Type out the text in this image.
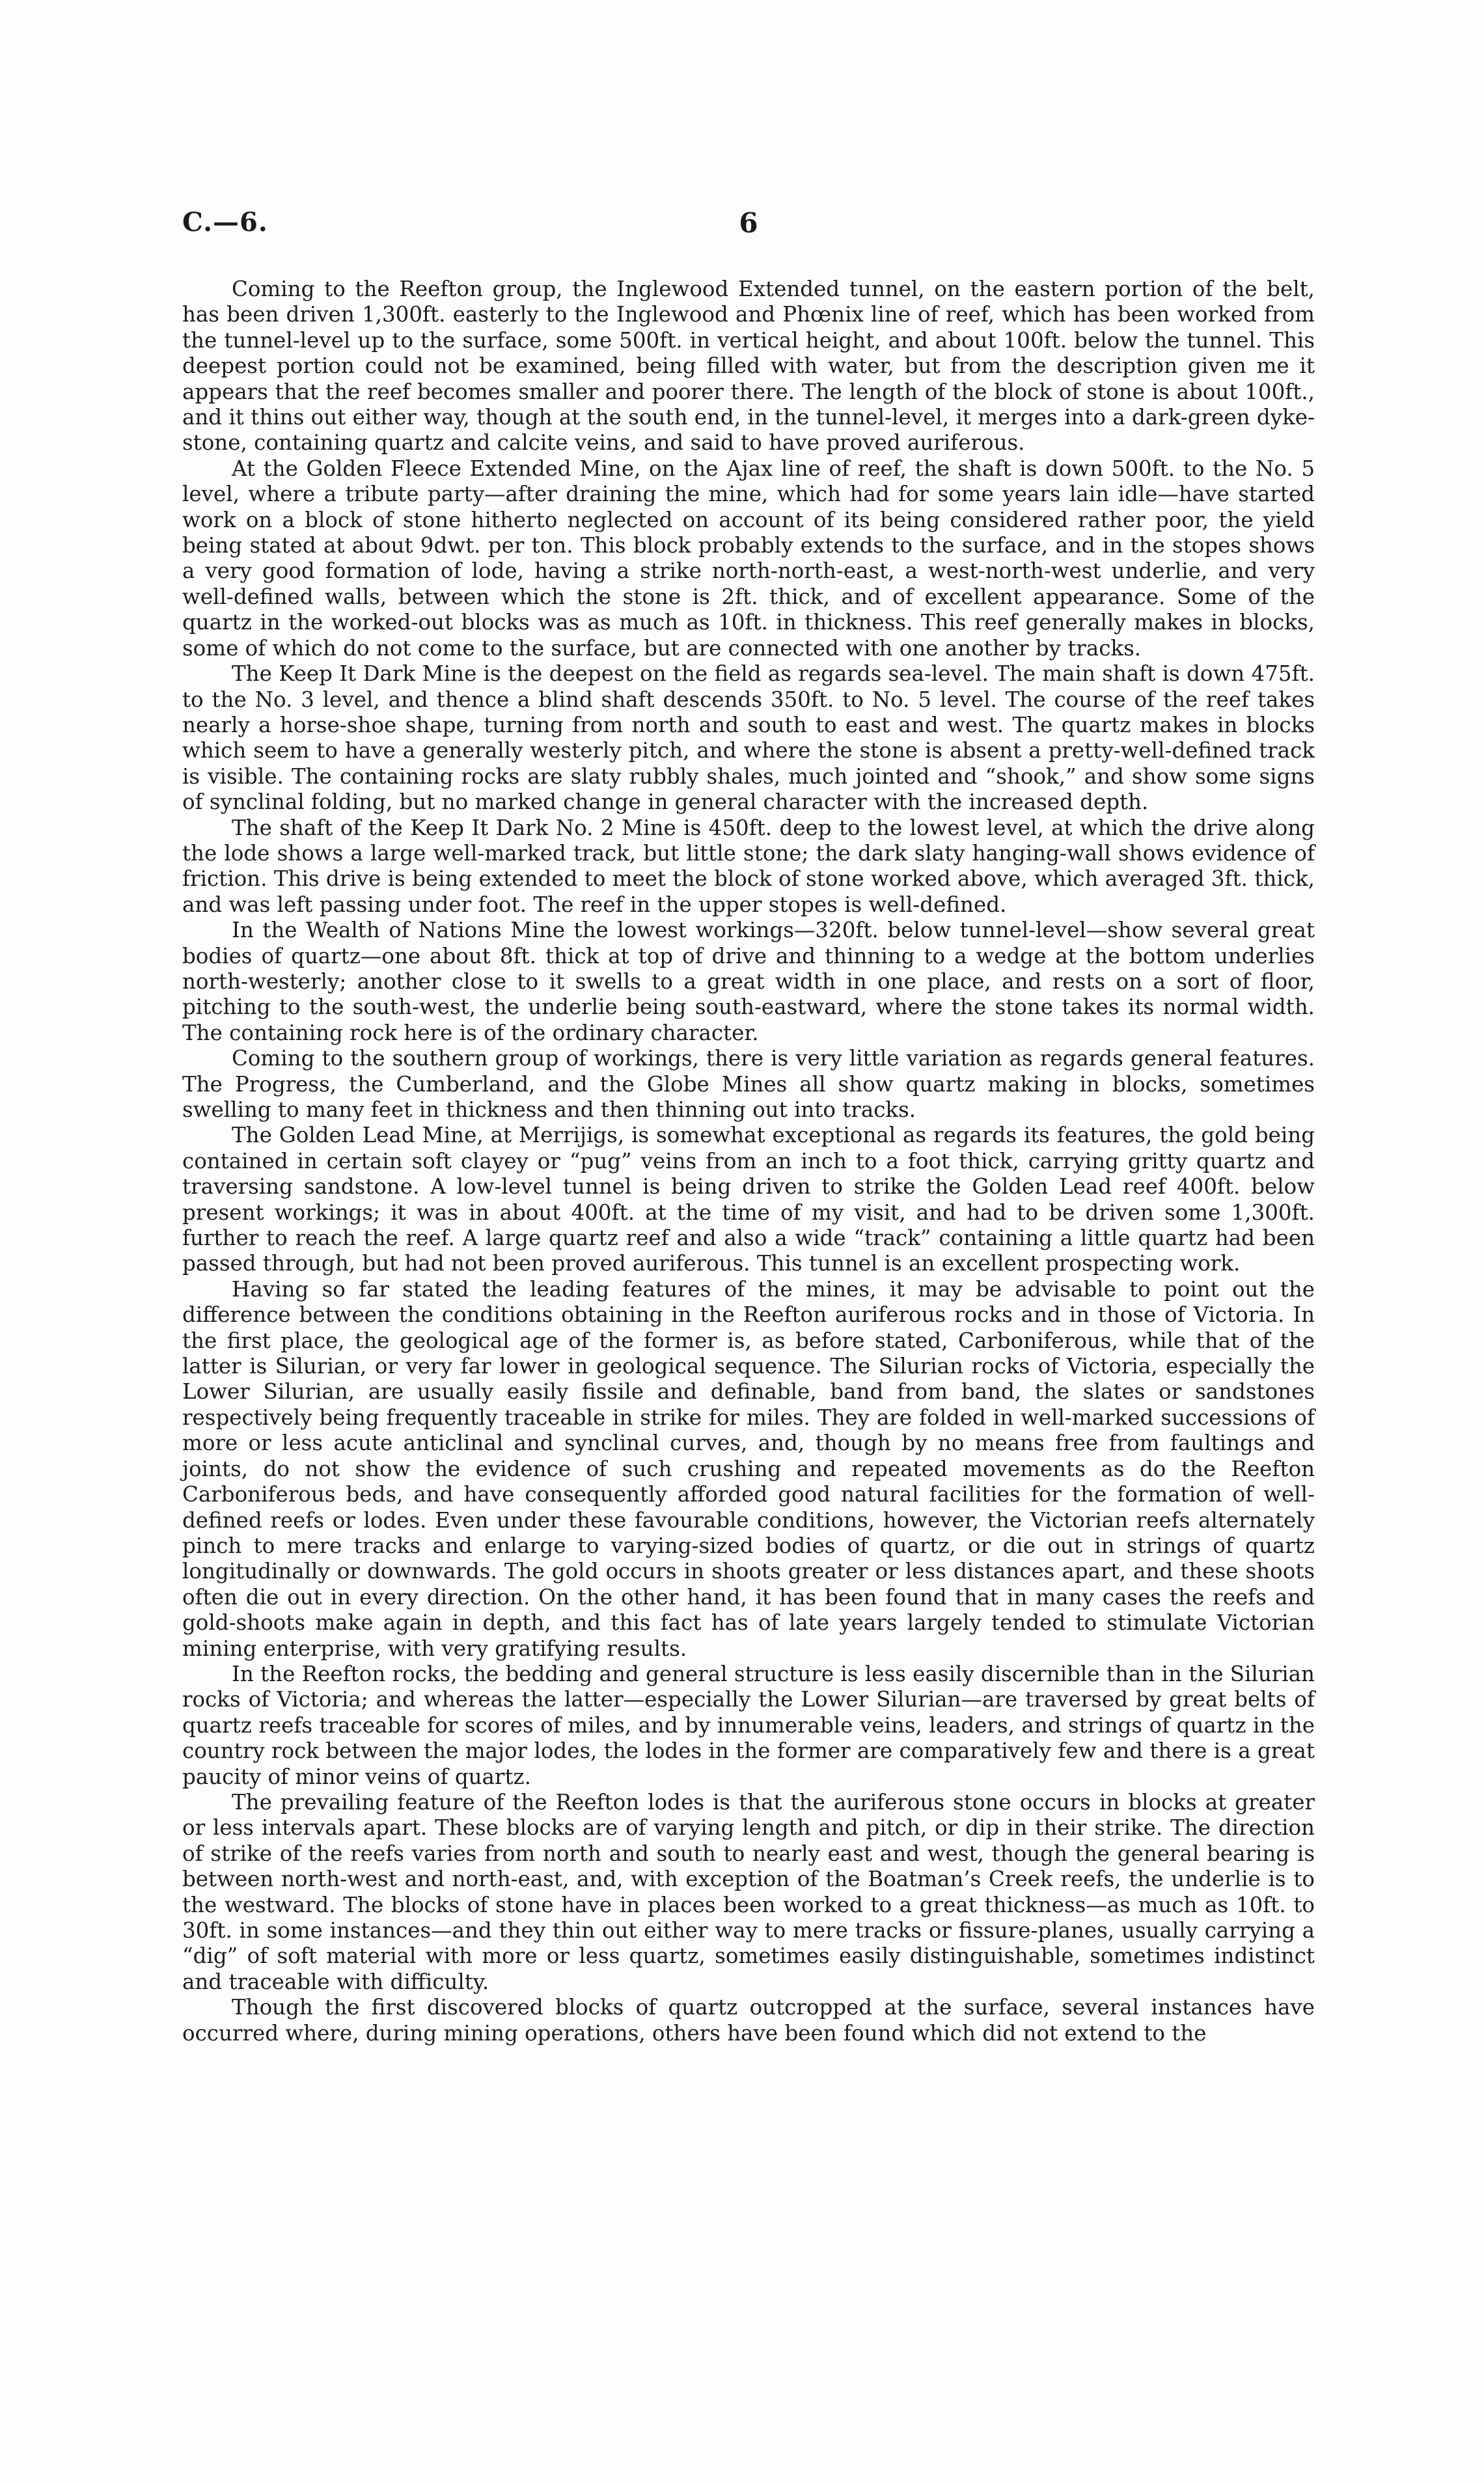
C.—6.	6

Coming to the Reefton group, the Inglewood Extended tunnel, on the eastern portion of the belt, has been driven 1,300ft. easterly to the Inglewood and Phœnix line of reef, which has been worked from the tunnel-level up to the surface, some 500ft. in vertical height, and about 100ft. below the tunnel. This deepest portion could not be examined, being filled with water, but from the description given me it appears that the reef becomes smaller and poorer there. The length of the block of stone is about 100ft., and it thins out either way, though at the south end, in the tunnel-level, it merges into a dark-green dyke-stone, containing quartz and calcite veins, and said to have proved auriferous.

At the Golden Fleece Extended Mine, on the Ajax line of reef, the shaft is down 500ft. to the No. 5 level, where a tribute party—after draining the mine, which had for some years lain idle—have started work on a block of stone hitherto neglected on account of its being considered rather poor, the yield being stated at about 9dwt. per ton. This block probably extends to the surface, and in the stopes shows a very good formation of lode, having a strike north-north-east, a west-north-west underlie, and very well-defined walls, between which the stone is 2ft. thick, and of excellent appearance. Some of the quartz in the worked-out blocks was as much as 10ft. in thickness. This reef generally makes in blocks, some of which do not come to the surface, but are connected with one another by tracks.

The Keep It Dark Mine is the deepest on the field as regards sea-level. The main shaft is down 475ft. to the No. 3 level, and thence a blind shaft descends 350ft. to No. 5 level. The course of the reef takes nearly a horse-shoe shape, turning from north and south to east and west. The quartz makes in blocks which seem to have a generally westerly pitch, and where the stone is absent a pretty-well-defined track is visible. The containing rocks are slaty rubbly shales, much jointed and “shook,” and show some signs of synclinal folding, but no marked change in general character with the increased depth.

The shaft of the Keep It Dark No. 2 Mine is 450ft. deep to the lowest level, at which the drive along the lode shows a large well-marked track, but little stone; the dark slaty hanging-wall shows evidence of friction. This drive is being extended to meet the block of stone worked above, which averaged 3ft. thick, and was left passing under foot. The reef in the upper stopes is well-defined.

In the Wealth of Nations Mine the lowest workings—320ft. below tunnel-level—show several great bodies of quartz—one about 8ft. thick at top of drive and thinning to a wedge at the bottom underlies north-westerly; another close to it swells to a great width in one place, and rests on a sort of floor, pitching to the south-west, the underlie being south-eastward, where the stone takes its normal width. The containing rock here is of the ordinary character.

Coming to the southern group of workings, there is very little variation as regards general features. The Progress, the Cumberland, and the Globe Mines all show quartz making in blocks, sometimes swelling to many feet in thickness and then thinning out into tracks.

The Golden Lead Mine, at Merrijigs, is somewhat exceptional as regards its features, the gold being contained in certain soft clayey or “pug” veins from an inch to a foot thick, carrying gritty quartz and traversing sandstone. A low-level tunnel is being driven to strike the Golden Lead reef 400ft. below present workings; it was in about 400ft. at the time of my visit, and had to be driven some 1,300ft. further to reach the reef. A large quartz reef and also a wide “track” containing a little quartz had been passed through, but had not been proved auriferous. This tunnel is an excellent prospecting work.

Having so far stated the leading features of the mines, it may be advisable to point out the difference between the conditions obtaining in the Reefton auriferous rocks and in those of Victoria. In the first place, the geological age of the former is, as before stated, Carboniferous, while that of the latter is Silurian, or very far lower in geological sequence. The Silurian rocks of Victoria, especially the Lower Silurian, are usually easily fissile and definable, band from band, the slates or sandstones respectively being frequently traceable in strike for miles. They are folded in well-marked successions of more or less acute anticlinal and synclinal curves, and, though by no means free from faultings and joints, do not show the evidence of such crushing and repeated movements as do the Reefton Carboniferous beds, and have consequently afforded good natural facilities for the formation of well-defined reefs or lodes. Even under these favourable conditions, however, the Victorian reefs alternately pinch to mere tracks and enlarge to varying-sized bodies of quartz, or die out in strings of quartz longitudinally or downwards. The gold occurs in shoots greater or less distances apart, and these shoots often die out in every direction. On the other hand, it has been found that in many cases the reefs and gold-shoots make again in depth, and this fact has of late years largely tended to stimulate Victorian mining enterprise, with very gratifying results.

In the Reefton rocks, the bedding and general structure is less easily discernible than in the Silurian rocks of Victoria; and whereas the latter—especially the Lower Silurian—are traversed by great belts of quartz reefs traceable for scores of miles, and by innumerable veins, leaders, and strings of quartz in the country rock between the major lodes, the lodes in the former are comparatively few and there is a great paucity of minor veins of quartz.

The prevailing feature of the Reefton lodes is that the auriferous stone occurs in blocks at greater or less intervals apart. These blocks are of varying length and pitch, or dip in their strike. The direction of strike of the reefs varies from north and south to nearly east and west, though the general bearing is between north-west and north-east, and, with exception of the Boatman’s Creek reefs, the underlie is to the westward. The blocks of stone have in places been worked to a great thickness—as much as 10ft. to 30ft. in some instances—and they thin out either way to mere tracks or fissure-planes, usually carrying a “dig” of soft material with more or less quartz, sometimes easily distinguishable, sometimes indistinct and traceable with difficulty.

Though the first discovered blocks of quartz outcropped at the surface, several instances have occurred where, during mining operations, others have been found which did not extend to the
